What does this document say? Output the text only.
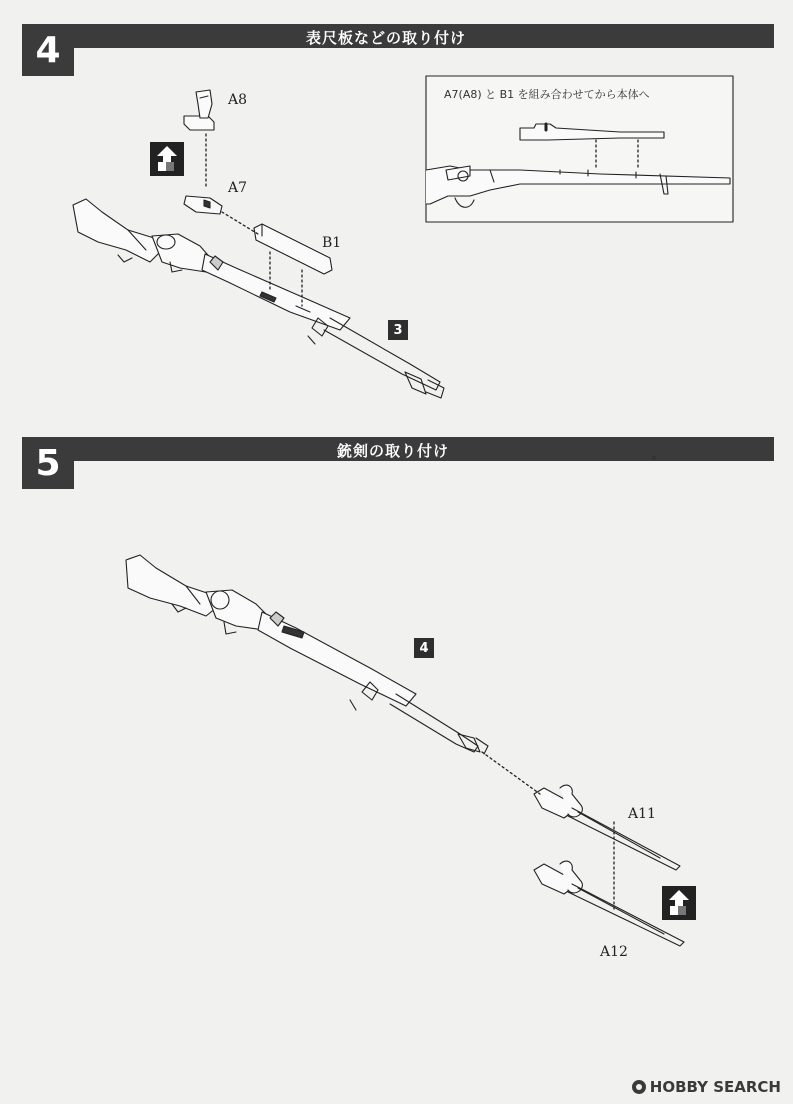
4	表尺板などの取り付け
5	銃剣の取り付け	。
A8
A7
B1
3
A7(A8) と B1 を組み合わせてから本体へ
4
A11
A12
HOBBY SEARCH
